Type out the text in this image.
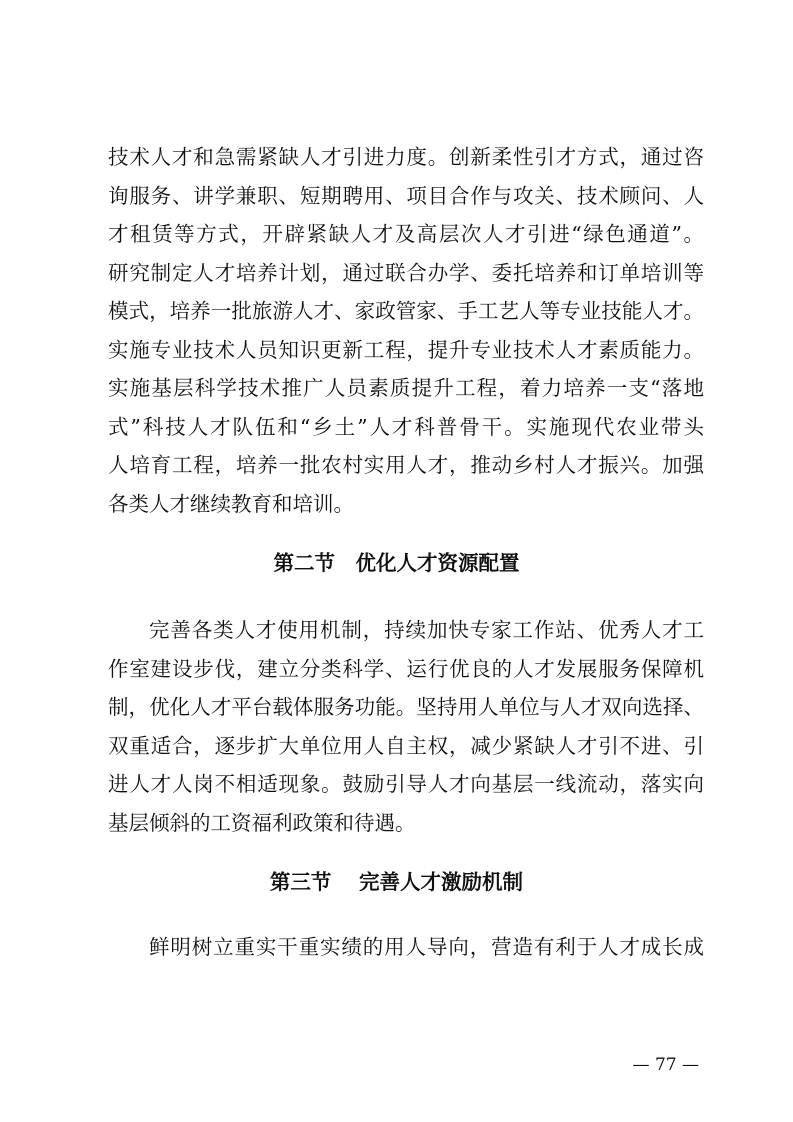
技术人才和急需紧缺人才引进力度。创新柔性引才方式，通过咨
询服务、讲学兼职、短期聘用、项目合作与攻关、技术顾问、人
才租赁等方式，开辟紧缺人才及高层次人才引进“绿色通道”。
研究制定人才培养计划，通过联合办学、委托培养和订单培训等
模式，培养一批旅游人才、家政管家、手工艺人等专业技能人才。
实施专业技术人员知识更新工程，提升专业技术人才素质能力。
实施基层科学技术推广人员素质提升工程，着力培养一支“落地
式”科技人才队伍和“乡土”人才科普骨干。实施现代农业带头
人培育工程，培养一批农村实用人才，推动乡村人才振兴。加强
各类人才继续教育和培训。
第二节　优化人才资源配置
完善各类人才使用机制，持续加快专家工作站、优秀人才工
作室建设步伐，建立分类科学、运行优良的人才发展服务保障机
制，优化人才平台载体服务功能。坚持用人单位与人才双向选择、
双重适合，逐步扩大单位用人自主权，减少紧缺人才引不进、引
进人才人岗不相适现象。鼓励引导人才向基层一线流动，落实向
基层倾斜的工资福利政策和待遇。
第三节　 完善人才激励机制
鲜明树立重实干重实绩的用人导向，营造有利于人才成长成
— 77 —
